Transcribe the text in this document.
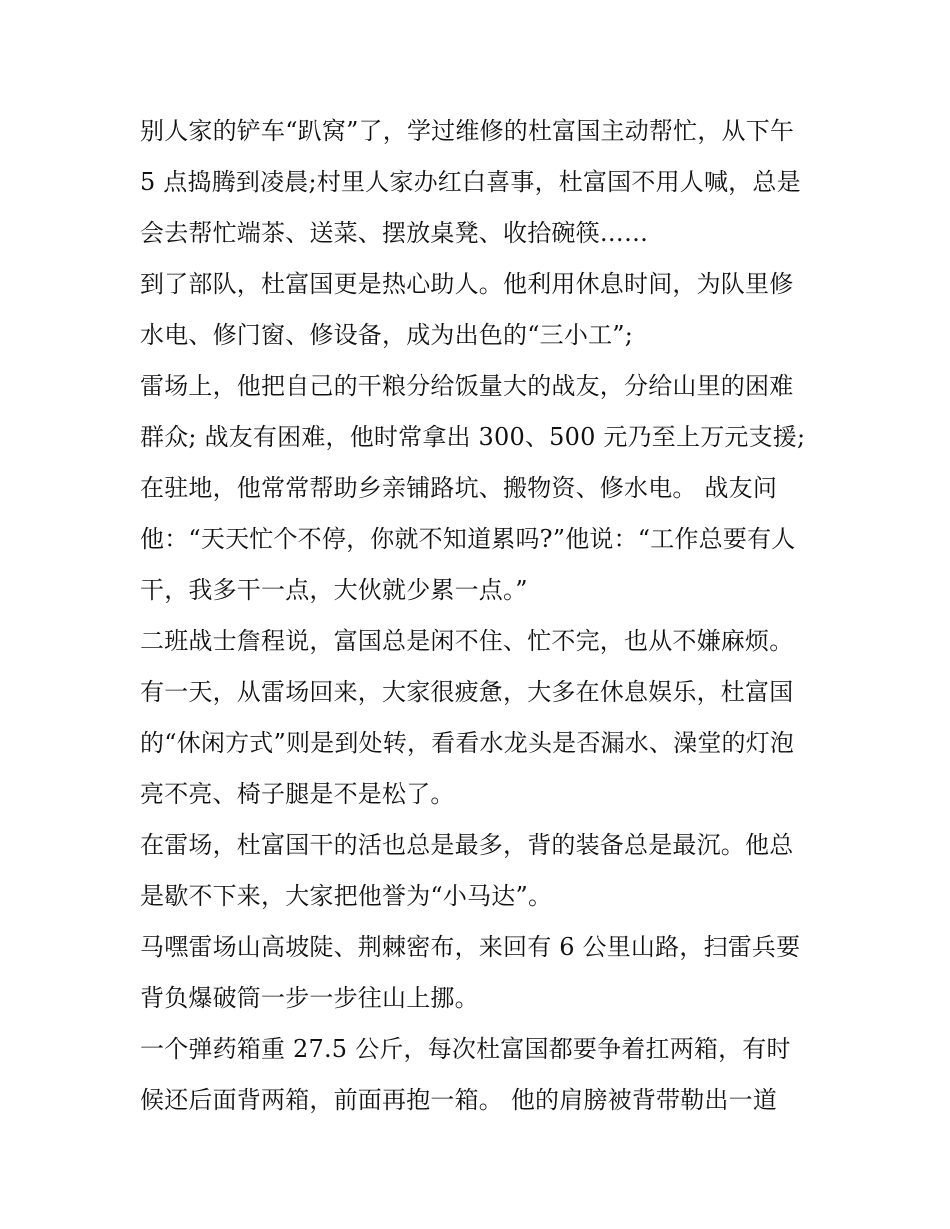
别人家的铲车“趴窝”了，学过维修的杜富国主动帮忙，从下午
5 点捣腾到凌晨;村里人家办红白喜事，杜富国不用人喊，总是
会去帮忙端茶、送菜、摆放桌凳、收拾碗筷……
到了部队，杜富国更是热心助人。他利用休息时间，为队里修
水电、修门窗、修设备，成为出色的“三小工”;
雷场上，他把自己的干粮分给饭量大的战友，分给山里的困难
群众; 战友有困难，他时常拿出 300、500 元乃至上万元支援;
在驻地，他常常帮助乡亲铺路坑、搬物资、修水电。 战友问
他：“天天忙个不停，你就不知道累吗?”他说：“工作总要有人
干，我多干一点，大伙就少累一点。”
二班战士詹程说，富国总是闲不住、忙不完，也从不嫌麻烦。
有一天，从雷场回来，大家很疲惫，大多在休息娱乐，杜富国
的“休闲方式”则是到处转，看看水龙头是否漏水、澡堂的灯泡
亮不亮、椅子腿是不是松了。
在雷场，杜富国干的活也总是最多，背的装备总是最沉。他总
是歇不下来，大家把他誉为“小马达”。
马嘿雷场山高坡陡、荆棘密布，来回有 6 公里山路，扫雷兵要
背负爆破筒一步一步往山上挪。
一个弹药箱重 27.5 公斤，每次杜富国都要争着扛两箱，有时
候还后面背两箱，前面再抱一箱。 他的肩膀被背带勒出一道
